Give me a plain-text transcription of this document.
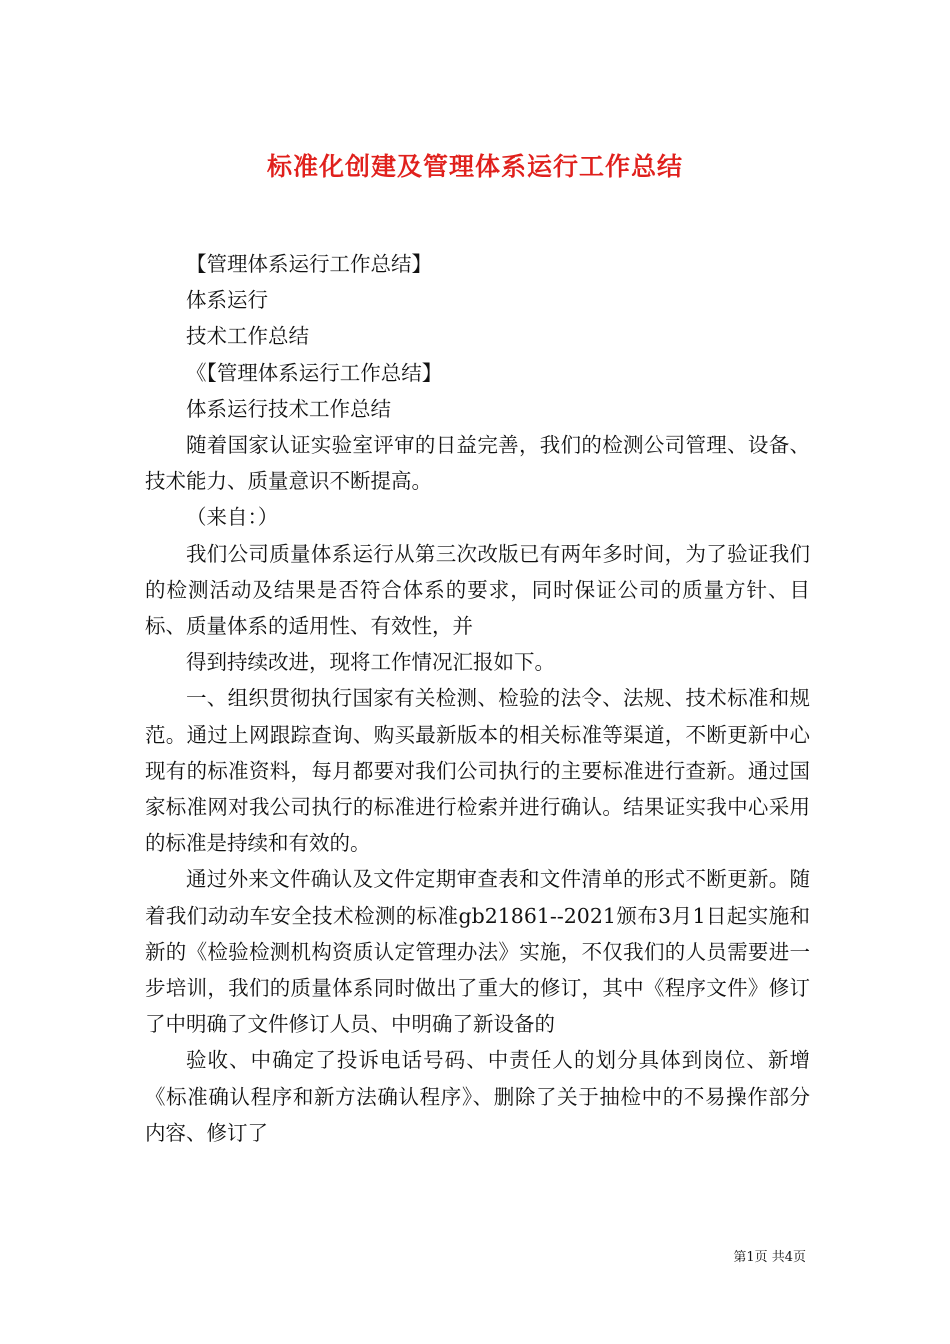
标准化创建及管理体系运行工作总结

【管理体系运行工作总结】

体系运行

技术工作总结

《【管理体系运行工作总结】

体系运行技术工作总结

随着国家认证实验室评审的日益完善，我们的检测公司管理、设备、技术能力、质量意识不断提高。

（来自：）

我们公司质量体系运行从第三次改版已有两年多时间，为了验证我们的检测活动及结果是否符合体系的要求，同时保证公司的质量方针、目标、质量体系的适用性、有效性，并

得到持续改进，现将工作情况汇报如下。

一、组织贯彻执行国家有关检测、检验的法令、法规、技术标准和规范。通过上网跟踪查询、购买最新版本的相关标准等渠道，不断更新中心现有的标准资料，每月都要对我们公司执行的主要标准进行查新。通过国家标准网对我公司执行的标准进行检索并进行确认。结果证实我中心采用的标准是持续和有效的。

通过外来文件确认及文件定期审查表和文件清单的形式不断更新。随着我们动动车安全技术检测的标准gb21861--2021颁布3月1日起实施和新的《检验检测机构资质认定管理办法》实施，不仅我们的人员需要进一步培训，我们的质量体系同时做出了重大的修订，其中《程序文件》修订了中明确了文件修订人员、中明确了新设备的

验收、中确定了投诉电话号码、中责任人的划分具体到岗位、新增《标准确认程序和新方法确认程序》、删除了关于抽检中的不易操作部分内容、修订了

第1页 共4页
